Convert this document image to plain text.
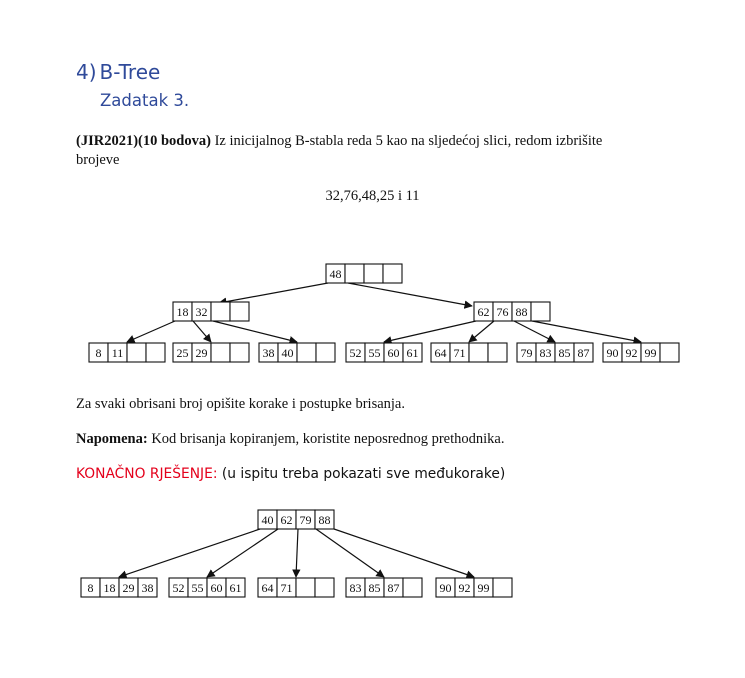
4) B-Tree
Zadatak 3.
(JIR2021)(10 bodova) Iz inicijalnog B-stabla reda 5 kao na sljedećoj slici, redom izbrišite
brojeve
32,76,48,25 i 11
48
18 32	62 76 88
8 11	25 29	38 40	52 55 60 61 64 71	79 83 85 87 90 92 99
Za svaki obrisani broj opišite korake i postupke brisanja.
Napomena: Kod brisanja kopiranjem, koristite neposrednog prethodnika.
KONAČNO RJEŠENJE: (u ispitu treba pokazati sve međukorake)
40 62 79 88
8 18 29 38 52 55 60 61 64 71	83 85 87	90 92 99
